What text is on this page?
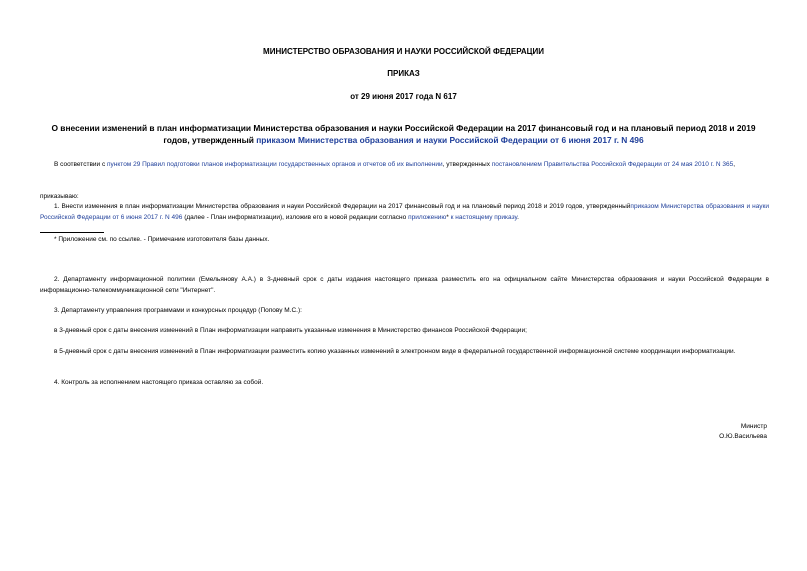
МИНИСТЕРСТВО ОБРАЗОВАНИЯ И НАУКИ РОССИЙСКОЙ ФЕДЕРАЦИИ
ПРИКАЗ
от 29 июня 2017 года N 617
О внесении изменений в план информатизации Министерства образования и науки Российской Федерации на 2017 финансовый год и на плановый период 2018 и 2019 годов, утвержденный приказом Министерства образования и науки Российской Федерации от 6 июня 2017 г. N 496
В соответствии с пунктом 29 Правил подготовки планов информатизации государственных органов и отчетов об их выполнении, утвержденных постановлением Правительства Российской Федерации от 24 мая 2010 г. N 365,
приказываю:
1. Внести изменения в план информатизации Министерства образования и науки Российской Федерации на 2017 финансовый год и на плановый период 2018 и 2019 годов, утвержденныйприказом Министерства образования и науки Российской Федерации от 6 июня 2017 г. N 496 (далее - План информатизации), изложив его в новой редакции согласно приложению* к настоящему приказу.
* Приложение см. по ссылке. - Примечание изготовителя базы данных.
2. Департаменту информационной политики (Емельянову А.А.) в 3-дневный срок с даты издания настоящего приказа разместить его на официальном сайте Министерства образования и науки Российской Федерации в информационно-телекоммуникационной сети "Интернет".
3. Департаменту управления программами и конкурсных процедур (Попову М.С.):
в 3-дневный срок с даты внесения изменений в План информатизации направить указанные изменения в Министерство финансов Российской Федерации;
в 5-дневный срок с даты внесения изменений в План информатизации разместить копию указанных изменений в электронном виде в федеральной государственной информационной системе координации информатизации.
4. Контроль за исполнением настоящего приказа оставляю за собой.
Министр
О.Ю.Васильева
